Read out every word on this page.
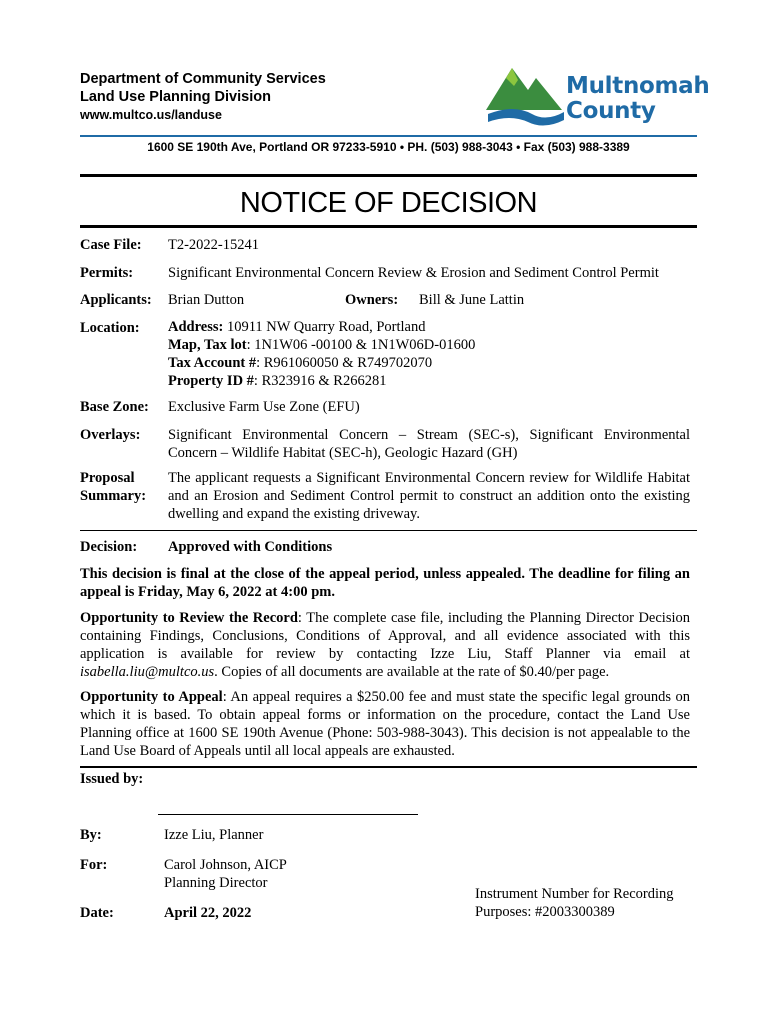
Department of Community Services
Land Use Planning Division
www.multco.us/landuse
Multnomah
County
1600 SE 190th Ave, Portland OR 97233-5910 • PH. (503) 988-3043 • Fax (503) 988-3389
NOTICE OF DECISION
Case File: T2-2022-15241
Permits: Significant Environmental Concern Review & Erosion and Sediment Control Permit
Applicants: Brian Dutton	Owners: Bill & June Lattin
Location: Address: 10911 NW Quarry Road, Portland
Map, Tax lot: 1N1W06 -00100 & 1N1W06D-01600
Tax Account #: R961060050 & R749702070
Property ID #: R323916 & R266281
Base Zone: Exclusive Farm Use Zone (EFU)
Overlays: Significant Environmental Concern – Stream (SEC-s), Significant Environmental Concern – Wildlife Habitat (SEC-h), Geologic Hazard (GH)
Proposal
Summary:
The applicant requests a Significant Environmental Concern review for Wildlife Habitat and an Erosion and Sediment Control permit to construct an addition onto the existing dwelling and expand the existing driveway.
Decision: Approved with Conditions
This decision is final at the close of the appeal period, unless appealed. The deadline for filing an appeal is Friday, May 6, 2022 at 4:00 pm.
Opportunity to Review the Record: The complete case file, including the Planning Director Decision containing Findings, Conclusions, Conditions of Approval, and all evidence associated with this application is available for review by contacting Izze Liu, Staff Planner via email at isabella.liu@multco.us. Copies of all documents are available at the rate of $0.40/per page.
Opportunity to Appeal: An appeal requires a $250.00 fee and must state the specific legal grounds on which it is based. To obtain appeal forms or information on the procedure, contact the Land Use Planning office at 1600 SE 190th Avenue (Phone: 503-988-3043). This decision is not appealable to the Land Use Board of Appeals until all local appeals are exhausted.
Issued by:
By:	Izze Liu, Planner
For:	Carol Johnson, AICP
Planning Director
Date:	April 22, 2022
Instrument Number for Recording
Purposes: #2003300389
